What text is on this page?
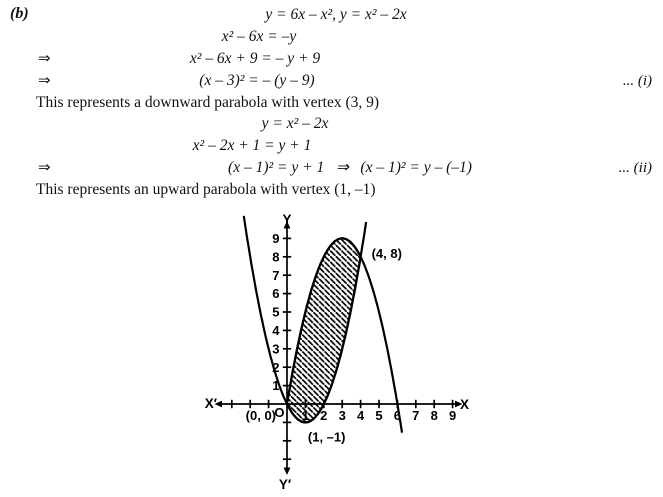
(b)	y = 6x – x², y = x² – 2x
x² – 6x = –y
⇒	x² – 6x + 9 = – y + 9
⇒	(x – 3)² = – (y – 9)	... (i)
This represents a downward parabola with vertex (3, 9)
y = x² – 2x
x² – 2x + 1 = y + 1
⇒	(x – 1)² = y + 1   ⇒   (x – 1)² = y – (–1)	... (ii)
This represents an upward parabola with vertex (1, –1)
2 3 4 5 6 7 8 9
1
2
3
4
5
6
7
8
9
X
X′
Y
Y′
O
(4, 8)
(0, 0)
(1, –1)
